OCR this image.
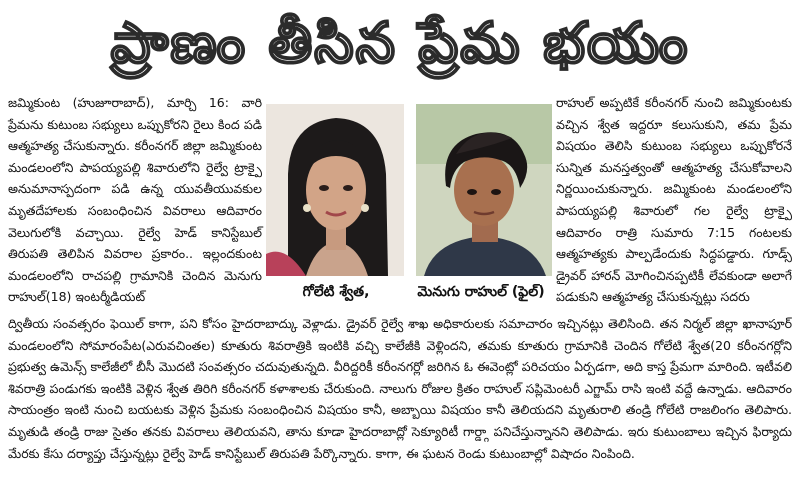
ప్రాణం తీసిన ప్రేమ భయం

జమ్మికుంట (హుజూరాబాద్), మార్చి 16: వారి ప్రేమను కుటుంబ సభ్యులు ఒప్పుకోరని రైలు కింద పడి ఆత్మహత్య చేసుకున్నారు. కరీంనగర్ జిల్లా జమ్మికుంట మండలంలోని పాపయ్యపల్లి శివారులోని రైల్వే ట్రాక్పై అనుమానాస్పదంగా పడి ఉన్న యువతీయువకుల మృతదేహాలకు సంబంధించిన వివరాలు ఆదివారం వెలుగులోకి వచ్చాయి. రైల్వే హెడ్ కానిస్టేబుల్ తిరుపతి తెలిపిన వివరాల ప్రకారం.. ఇల్లందకుంట మండలంలోని రాచపల్లి గ్రామానికి చెందిన మెనుగు రాహుల్(18) ఇంటర్మీడియట్	గోలేటి శ్వేత,	మెనుగు రాహుల్ (ఫైల్)

రాహుల్ అప్పటికే కరీంనగర్ నుంచి జమ్మికుంటకు వచ్చిన శ్వేత ఇద్దరూ కలుసుకుని, తమ ప్రేమ విషయం తెలిసి కుటుంబ సభ్యులు ఒప్పుకోరనే సున్నిత మనస్తత్వంతో ఆత్మహత్య చేసుకోవాలని నిర్ణయించుకున్నారు. జమ్మికుంట మండలంలోని పాపయ్యపల్లి శివారులో గల రైల్వే ట్రాక్పై ఆదివారం రాత్రి సుమారు 7:15 గంటలకు ఆత్మహత్యకు పాల్పడేందుకు సిద్ధపడ్డారు. గూడ్స్ డ్రైవర్ హారన్ మోగించినప్పటికీ లేవకుండా అలాగే పడుకుని ఆత్మహత్య చేసుకున్నట్లు సదరు

ద్వితీయ సంవత్సరం ఫెయిల్ కాగా, పని కోసం హైదరాబాద్కు వెళ్లాడు. డ్రైవర్ రైల్వే శాఖ అధికారులకు సమాచారం ఇచ్చినట్లు తెలిసింది. తన నిర్మల్ జిల్లా ఖానాపూర్ మండలంలోని సోమారంపేట(ఎరువచింతల) కూతురు శివరాత్రికి ఇంటికి వచ్చి కాలేజీకి వెళ్లిందని, తమకు కూతురు గ్రామానికి చెందిన గోలేటి శ్వేత(20 కరీంనగర్లోని ప్రభుత్వ ఉమెన్స్ కాలేజీలో బీసీ మొదటి సంవత్సరం చదువుతున్నది. వీరిద్దరికీ కరీంనగర్లో జరిగిన ఓ ఈవెంట్లో పరిచయం ఏర్పడగా, అది కాస్త ప్రేమగా మారింది. ఇటీవలి శివరాత్రి పండుగకు ఇంటికి వెళ్లిన శ్వేత తిరిగి కరీంనగర్ కళాశాలకు చేరుకుంది. నాలుగు రోజుల క్రితం రాహుల్ సప్లిమెంటరీ ఎగ్జామ్ రాసి ఇంటి వద్దే ఉన్నాడు. ఆదివారం సాయంత్రం ఇంటి నుంచి బయటకు వెళ్లిన ప్రేమకు సంబంధించిన విషయం కానీ, అబ్బాయి విషయం కానీ తెలియదని మృతురాలి తండ్రి గోలేటి రాజలింగం తెలిపారు. మృతుడి తండ్రి రాజు సైతం తనకు వివరాలు తెలియవని, తాను కూడా హైదరాబాద్లో సెక్యూరిటీ గార్డ్గా పనిచేస్తున్నానని తెలిపాడు. ఇరు కుటుంబాలు ఇచ్చిన ఫిర్యాదు మేరకు కేసు దర్యాప్తు చేస్తున్నట్లు రైల్వే హెడ్ కానిస్టేబుల్ తిరుపతి పేర్కొన్నారు. కాగా, ఈ ఘటన రెండు కుటుంబాల్లో విషాదం నింపింది.
